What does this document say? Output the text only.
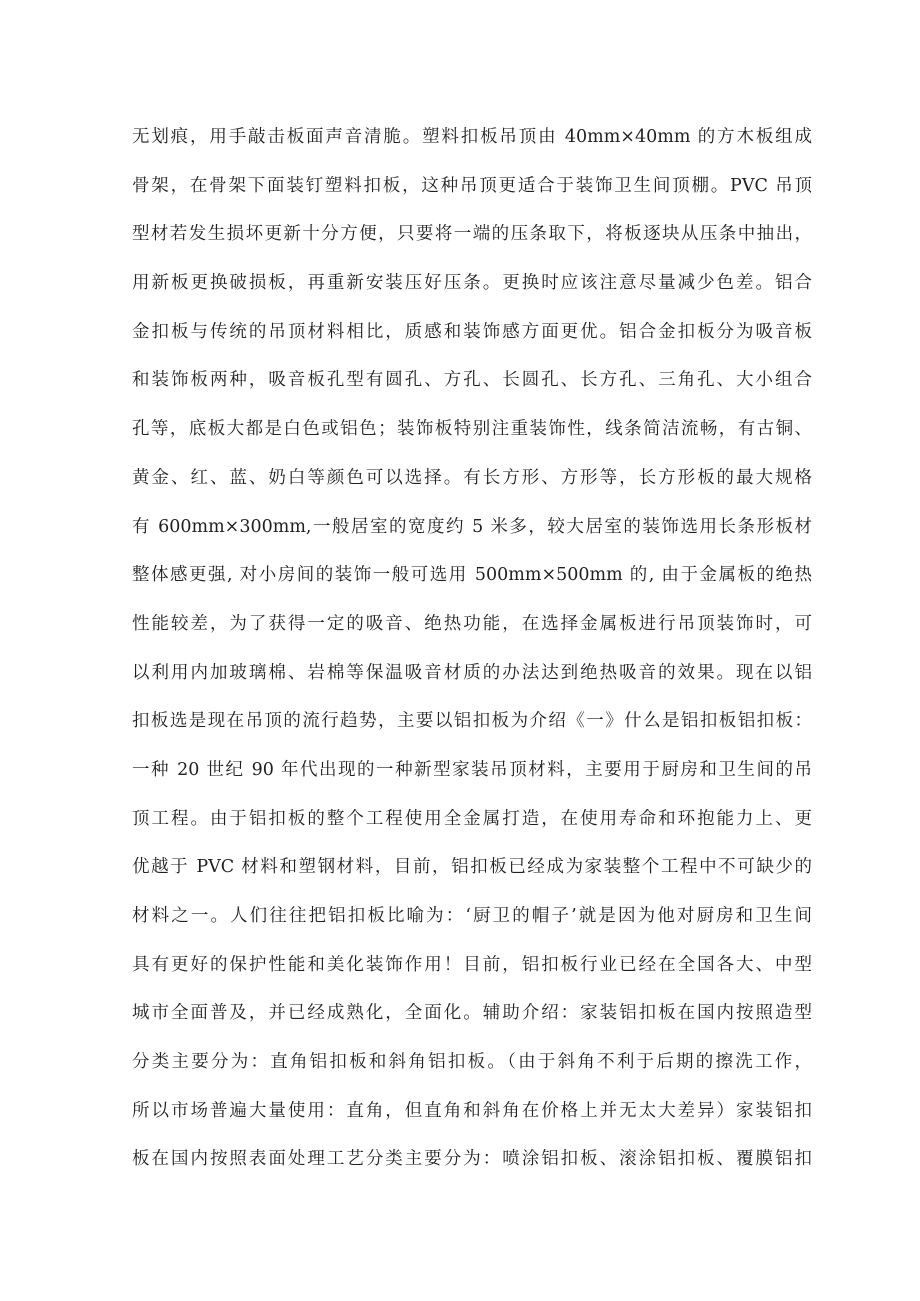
无划痕，用手敲击板面声音清脆。塑料扣板吊顶由 40mm×40mm 的方木板组成
骨架，在骨架下面装钉塑料扣板，这种吊顶更适合于装饰卫生间顶棚。PVC 吊顶
型材若发生损坏更新十分方便，只要将一端的压条取下，将板逐块从压条中抽出，
用新板更换破损板，再重新安装压好压条。更换时应该注意尽量减少色差。铝合
金扣板与传统的吊顶材料相比，质感和装饰感方面更优。铝合金扣板分为吸音板
和装饰板两种，吸音板孔型有圆孔、方孔、长圆孔、长方孔、三角孔、大小组合
孔等，底板大都是白色或铝色；装饰板特别注重装饰性，线条简洁流畅，有古铜、
黄金、红、蓝、奶白等颜色可以选择。有长方形、方形等，长方形板的最大规格
有 600mm×300mm,一般居室的宽度约 5 米多，较大居室的装饰选用长条形板材
整体感更强, 对小房间的装饰一般可选用 500mm×500mm 的, 由于金属板的绝热
性能较差，为了获得一定的吸音、绝热功能，在选择金属板进行吊顶装饰时，可
以利用内加玻璃棉、岩棉等保温吸音材质的办法达到绝热吸音的效果。现在以铝
扣板选是现在吊顶的流行趋势，主要以铝扣板为介绍《一》什么是铝扣板铝扣板：
一种 20 世纪 90 年代出现的一种新型家装吊顶材料，主要用于厨房和卫生间的吊
顶工程。由于铝扣板的整个工程使用全金属打造，在使用寿命和环抱能力上、更
优越于 PVC 材料和塑钢材料，目前，铝扣板已经成为家装整个工程中不可缺少的
材料之一。人们往往把铝扣板比喻为：‘厨卫的帽子’就是因为他对厨房和卫生间
具有更好的保护性能和美化装饰作用！目前，铝扣板行业已经在全国各大、中型
城市全面普及，并已经成熟化，全面化。辅助介绍：家装铝扣板在国内按照造型
分类主要分为：直角铝扣板和斜角铝扣板。（由于斜角不利于后期的擦洗工作，
所以市场普遍大量使用：直角，但直角和斜角在价格上并无太大差异）家装铝扣
板在国内按照表面处理工艺分类主要分为：喷涂铝扣板、滚涂铝扣板、覆膜铝扣
